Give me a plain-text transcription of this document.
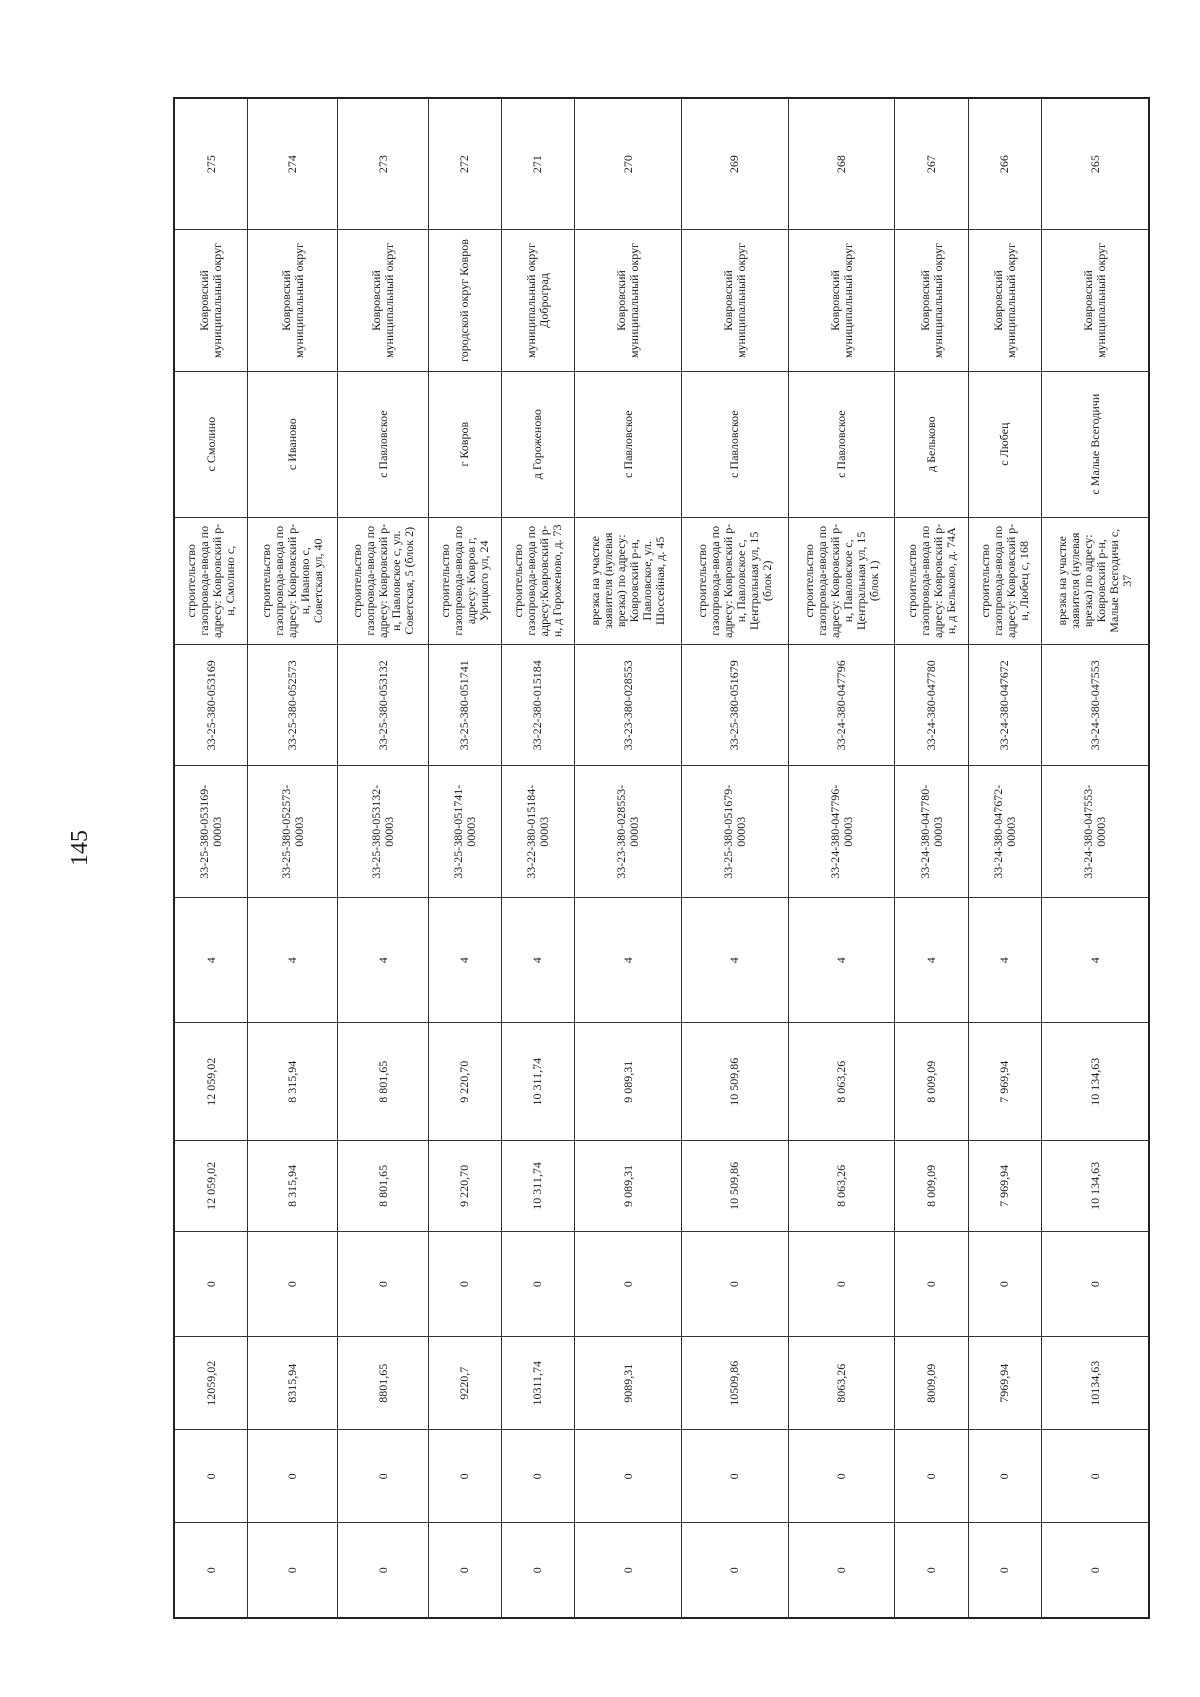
145
0	0	12059,02	0	12 059,02	12 059,02	4	33-25-380-053169-00003	33-25-380-053169	строительство газопровода-ввода по адресу: Ковровский р-н, Смолино с,	с Смолино	Ковровский муниципальный округ	275
0	0	8315,94	0	8 315,94	8 315,94	4	33-25-380-052573-00003	33-25-380-052573	строительство газопровода-ввода по адресу: Ковровский р-н, Иваново с, Советская ул, 40	с Иваново	Ковровский муниципальный округ	274
0	0	8801,65	0	8 801,65	8 801,65	4	33-25-380-053132-00003	33-25-380-053132	строительство газопровода-ввода по адресу: Ковровский р-н, Павловское с, ул. Советская, 5 (блок 2)	с Павловское	Ковровский муниципальный округ	273
0	0	9220,7	0	9 220,70	9 220,70	4	33-25-380-051741-00003	33-25-380-051741	строительство газопровода-ввода по адресу: Ковров г, Урицкого ул, 24	г Ковров	городской округ Ковров	272
0	0	10311,74	0	10 311,74	10 311,74	4	33-22-380-015184-00003	33-22-380-015184	строительство газопровода-ввода по адресу:Ковровский р-н, д Гороженово, д. 73	д Гороженово	муниципальный округ Доброград	271
0	0	9089,31	0	9 089,31	9 089,31	4	33-23-380-028553-00003	33-23-380-028553	врезка на участке заявителя (нулевая врезка) по адресу: Ковровский р-н, Павловское, ул. Шоссейная, д. 45	с Павловское	Ковровский муниципальный округ	270
0	0	10509,86	0	10 509,86	10 509,86	4	33-25-380-051679-00003	33-25-380-051679	строительство газопровода-ввода по адресу: Ковровский р-н, Павловское с, Центральная ул, 15 (блок 2)	с Павловское	Ковровский муниципальный округ	269
0	0	8063,26	0	8 063,26	8 063,26	4	33-24-380-047796-00003	33-24-380-047796	строительство газопровода-ввода по адресу: Ковровский р-н, Павловское с, Центральная ул, 15 (блок 1)	с Павловское	Ковровский муниципальный округ	268
0	0	8009,09	0	8 009,09	8 009,09	4	33-24-380-047780-00003	33-24-380-047780	строительство газопровода-ввода по адресу: Ковровский р-н, д Бельково, д. 74А	д Бельково	Ковровский муниципальный округ	267
0	0	7969,94	0	7 969,94	7 969,94	4	33-24-380-047672-00003	33-24-380-047672	строительство газопровода-ввода по адресу: Ковровский р-н, Любец с, 168	с Любец	Ковровский муниципальный округ	266
0	0	10134,63	0	10 134,63	10 134,63	4	33-24-380-047553-00003	33-24-380-047553	врезка на участке заявителя (нулевая врезка) по адресу: Ковровский р-н, Малые Всегодичи с, 37	с Малые Всегодичи	Ковровский муниципальный округ	265
